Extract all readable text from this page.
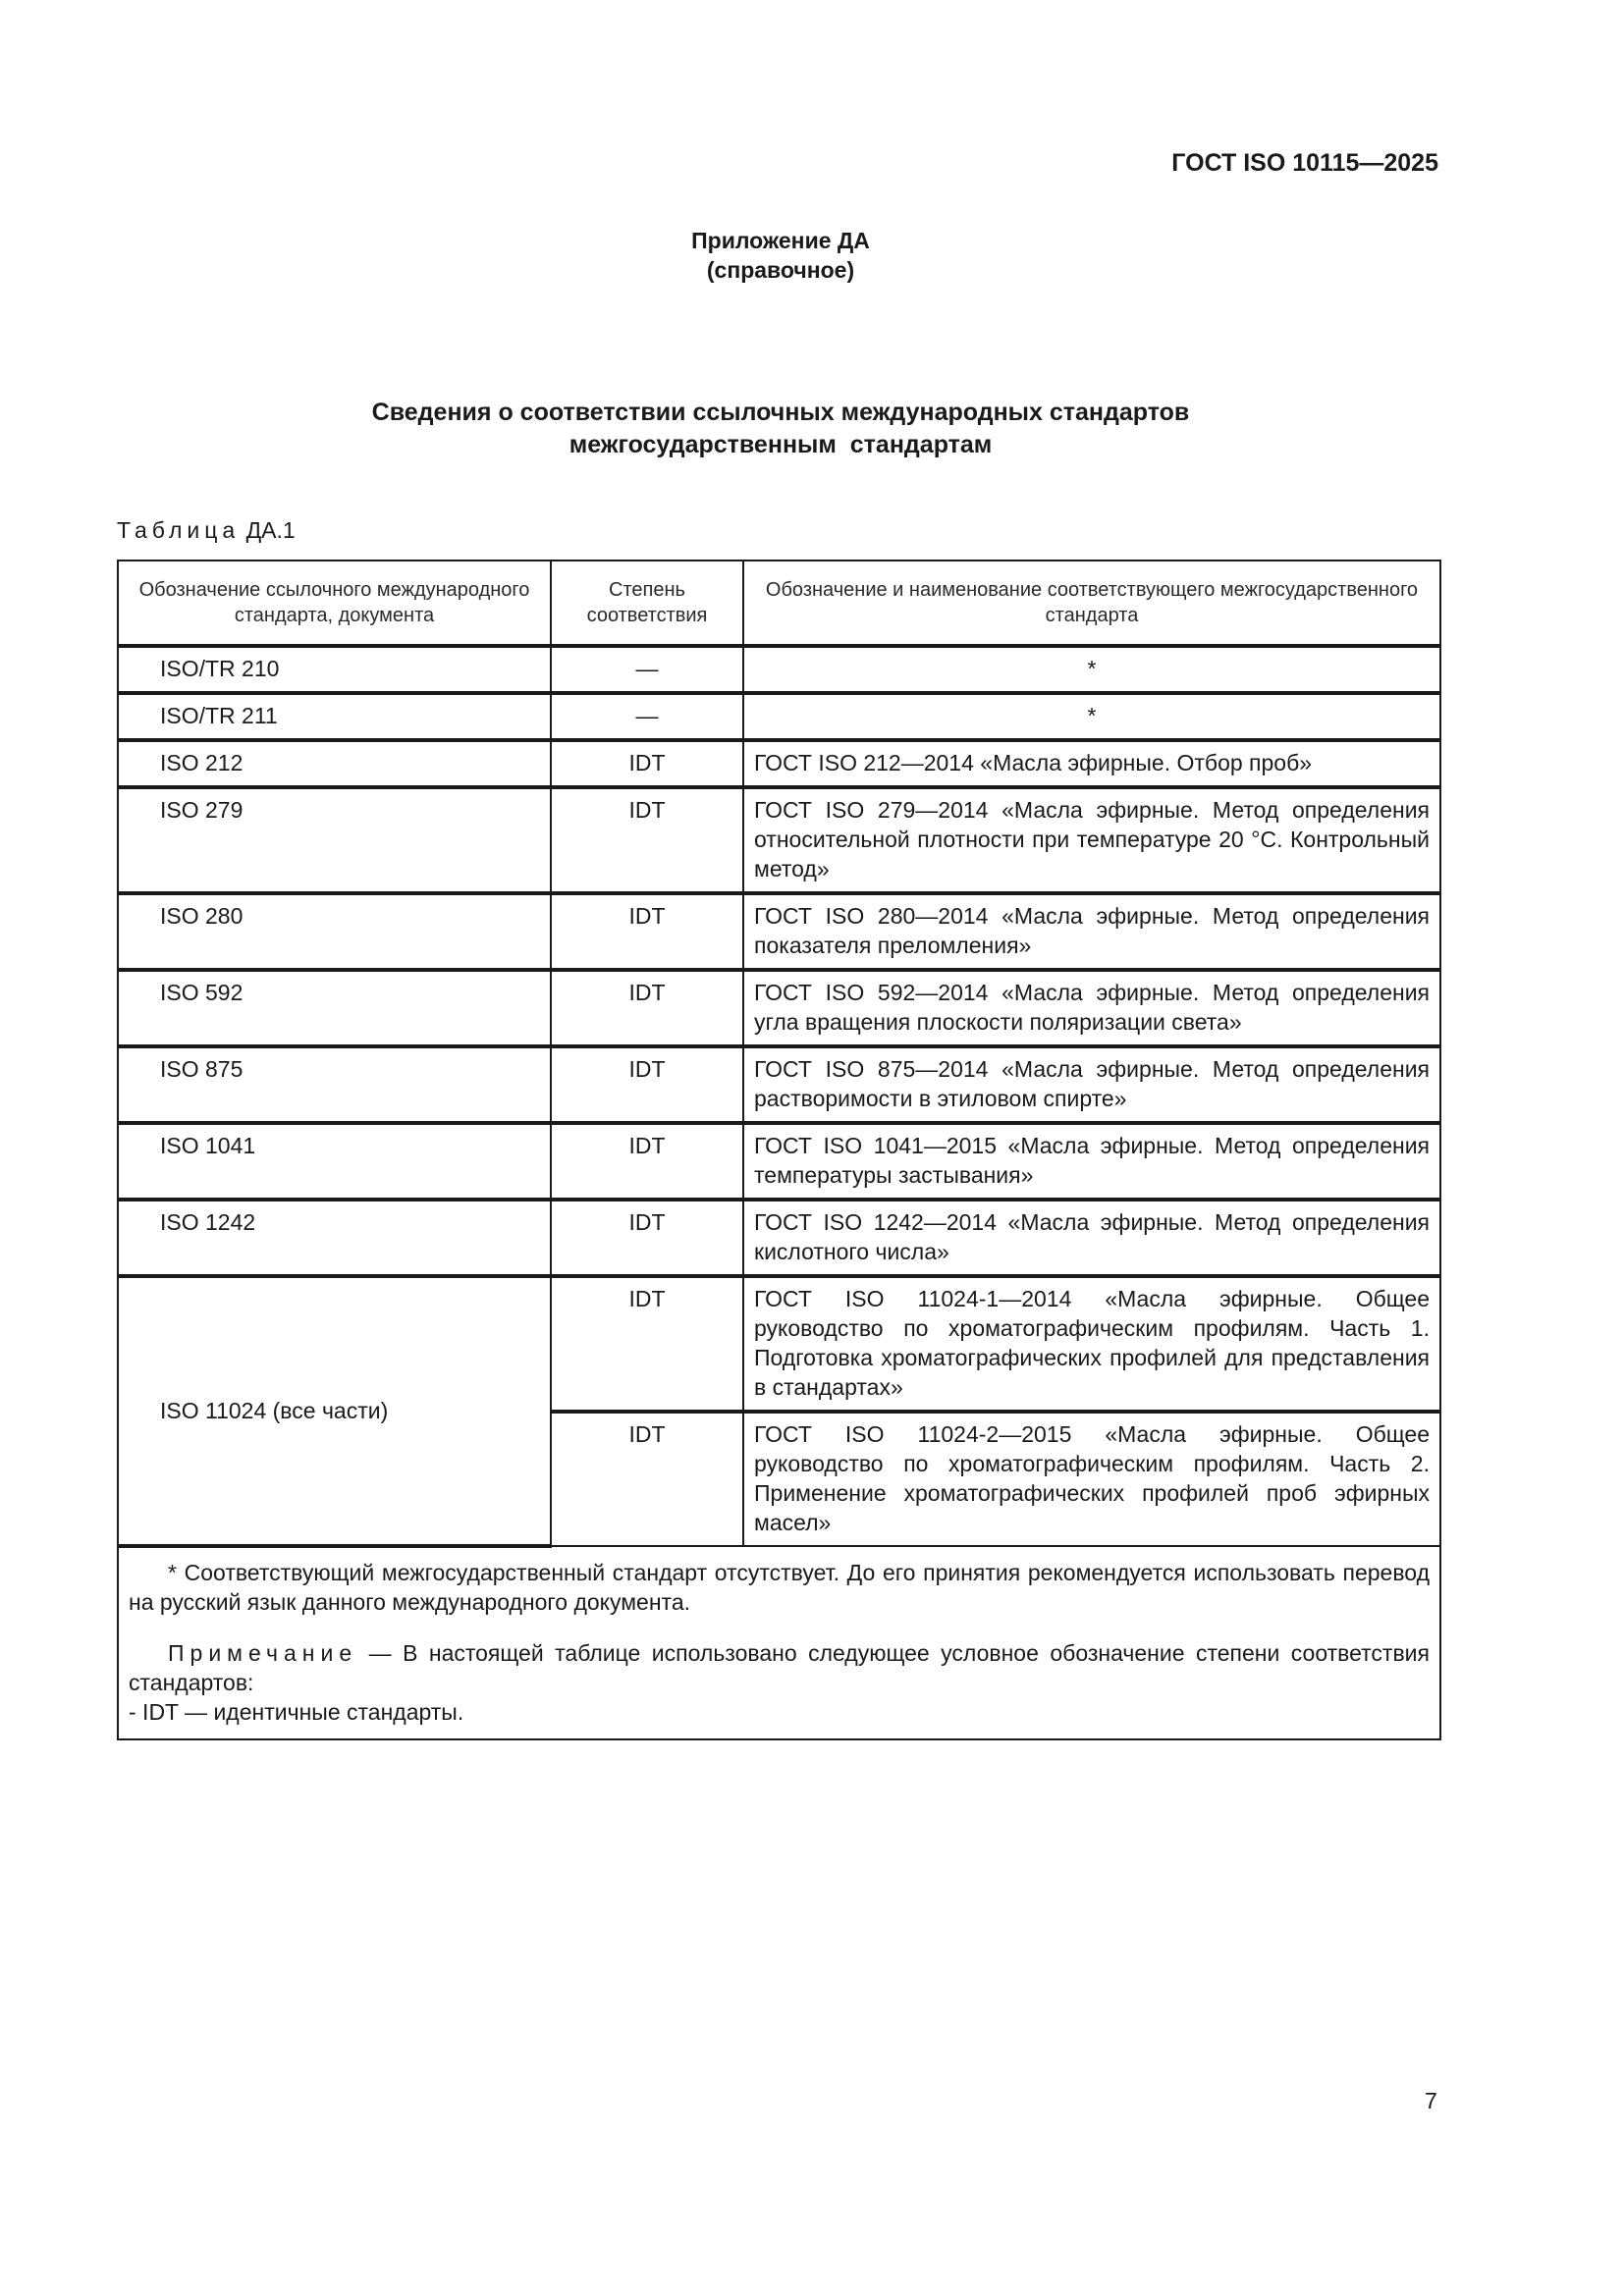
ГОСТ ISO 10115—2025
Приложение ДА
(справочное)
Сведения о соответствии ссылочных международных стандартов
межгосударственным  стандартам
Таблица ДА.1
Обозначение ссылочного международного стандарта, документа	Степень соответствия	Обозначение и наименование соответствующего межгосударственного стандарта
ISO/TR 210	—	*
ISO/TR 211	—	*
ISO 212	IDT	ГОСТ ISO 212—2014 «Масла эфирные. Отбор проб»
ISO 279	IDT	ГОСТ ISO 279—2014 «Масла эфирные. Метод определения относительной плотности при температуре 20 °С. Контрольный метод»
ISO 280	IDT	ГОСТ ISO 280—2014 «Масла эфирные. Метод определения показателя преломления»
ISO 592	IDT	ГОСТ ISO 592—2014 «Масла эфирные. Метод определения угла вращения плоскости поляризации света»
ISO 875	IDT	ГОСТ ISO 875—2014 «Масла эфирные. Метод определения растворимости в этиловом спирте»
ISO 1041	IDT	ГОСТ ISO 1041—2015 «Масла эфирные. Метод определения температуры застывания»
ISO 1242	IDT	ГОСТ ISO 1242—2014 «Масла эфирные. Метод определения кислотного числа»
ISO 11024 (все части)	IDT	ГОСТ ISO 11024-1—2014 «Масла эфирные. Общее руководство по хроматографическим профилям. Часть 1. Подготовка хроматографических профилей для представления в стандартах»
	IDT	ГОСТ ISO 11024-2—2015 «Масла эфирные. Общее руководство по хроматографическим профилям. Часть 2. Применение хроматографических профилей проб эфирных масел»

* Соответствующий межгосударственный стандарт отсутствует. До его принятия рекомендуется использовать перевод на русский язык данного международного документа.

Примечание — В настоящей таблице использовано следующее условное обозначение степени соответствия стандартов:

- IDT — идентичные стандарты.		

7
